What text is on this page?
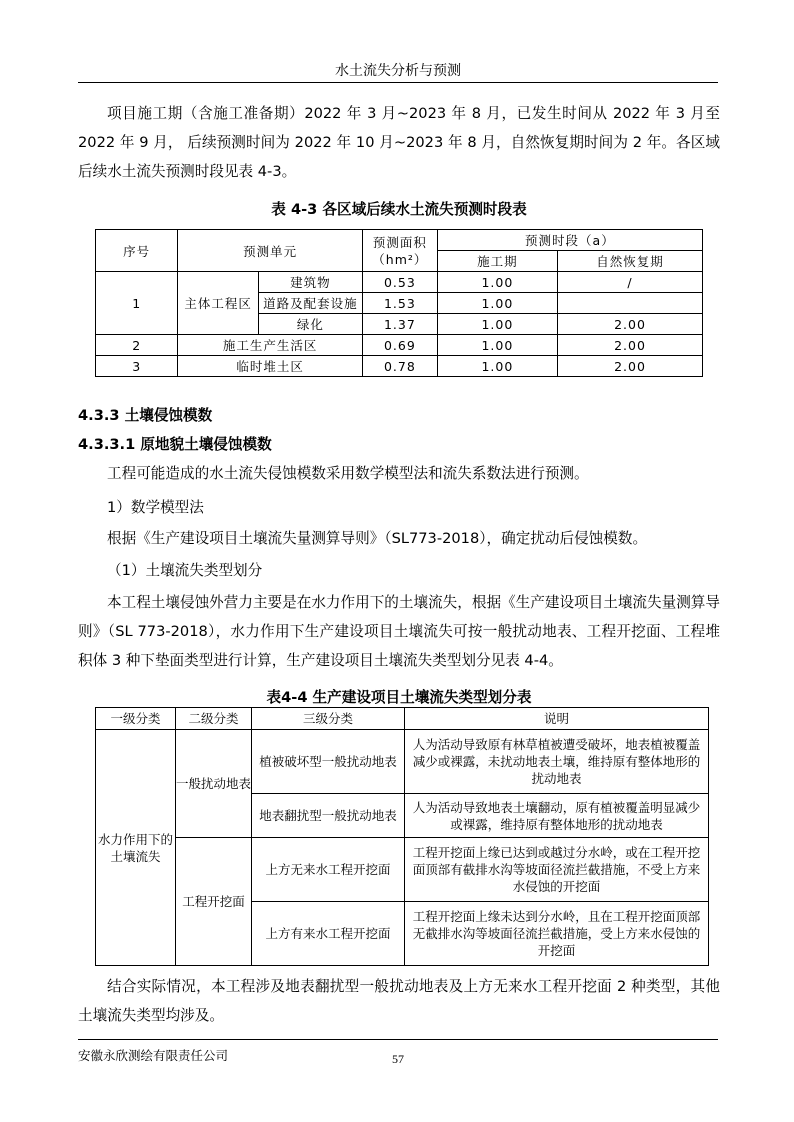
水土流失分析与预测
项目施工期（含施工准备期）2022 年 3 月~2023 年 8 月，已发生时间从 2022 年 3 月至 2022 年 9 月， 后续预测时间为 2022 年 10 月~2023 年 8 月，自然恢复期时间为 2 年。各区域后续水土流失预测时段见表 4-3。
表 4-3 各区域后续水土流失预测时段表
序号	预测单元		预测面积
（hm²）	预测时段（a）	
				施工期	自然恢复期
1	主体工程区	建筑物	0.53	1.00	/
		道路及配套设施	1.53	1.00	
		绿化	1.37	1.00	2.00
2	施工生产生活区		0.69	1.00	2.00
3	临时堆土区		0.78	1.00	2.00
4.3.3 土壤侵蚀模数
4.3.3.1 原地貌土壤侵蚀模数
工程可能造成的水土流失侵蚀模数采用数学模型法和流失系数法进行预测。
1）数学模型法
根据《生产建设项目土壤流失量测算导则》（SL773-2018），确定扰动后侵蚀模数。
（1）土壤流失类型划分
本工程土壤侵蚀外营力主要是在水力作用下的土壤流失，根据《生产建设项目土壤流失量测算导则》（SL 773-2018），水力作用下生产建设项目土壤流失可按一般扰动地表、工程开挖面、工程堆积体 3 种下垫面类型进行计算，生产建设项目土壤流失类型划分见表 4-4。
表4-4 生产建设项目土壤流失类型划分表
一级分类	二级分类	三级分类	说明
水力作用下的土壤流失	一般扰动地表	植被破坏型一般扰动地表	人为活动导致原有林草植被遭受破坏，地表植被覆盖减少或裸露，未扰动地表土壤，维持原有整体地形的扰动地表
		地表翻扰型一般扰动地表	人为活动导致地表土壤翻动，原有植被覆盖明显减少或裸露，维持原有整体地形的扰动地表
	工程开挖面	上方无来水工程开挖面	工程开挖面上缘已达到或越过分水岭，或在工程开挖面顶部有截排水沟等坡面径流拦截措施，不受上方来水侵蚀的开挖面
		上方有来水工程开挖面	工程开挖面上缘未达到分水岭，且在工程开挖面顶部无截排水沟等坡面径流拦截措施，受上方来水侵蚀的开挖面
结合实际情况，本工程涉及地表翻扰型一般扰动地表及上方无来水工程开挖面 2 种类型，其他土壤流失类型均涉及。
安徽永欣测绘有限责任公司	57
